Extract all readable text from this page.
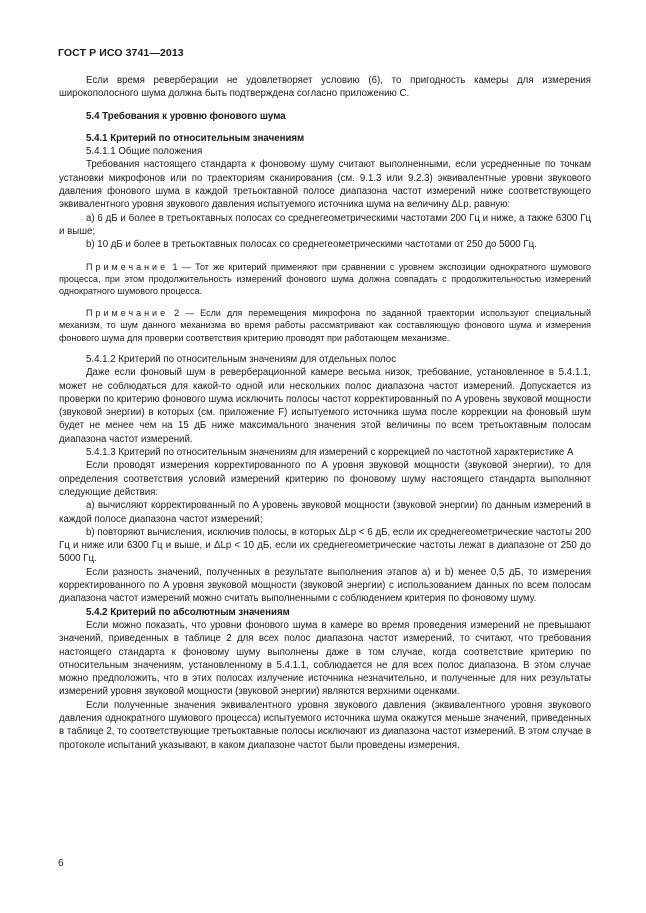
ГОСТ Р ИСО 3741—2013

Если время реверберации не удовлетворяет условию (6), то пригодность камеры для измерения широкополосного шума должна быть подтверждена согласно приложению C.

5.4 Требования к уровню фонового шума

5.4.1 Критерий по относительным значениям

5.4.1.1 Общие положения

Требования настоящего стандарта к фоновому шуму считают выполненными, если усредненные по точкам установки микрофонов или по траекториям сканирования (см. 9.1.3 или 9.2.3) эквивалентные уровни звукового давления фонового шума в каждой третьоктавной полосе диапазона частот измерений ниже соответствующего эквивалентного уровня звукового давления испытуемого источника шума на величину ΔLp, равную:

a) 6 дБ и более в третьоктавных полосах со среднегеометрическими частотами 200 Гц и ниже, а также 6300 Гц и выше;

b) 10 дБ и более в третьоктавных полосах со среднегеометрическими частотами от 250 до 5000 Гц.

Примечание 1 — Тот же критерий применяют при сравнении с уровнем экспозиции однократного шумового процесса, при этом продолжительность измерений фонового шума должна совпадать с продолжительностью измерений однократного шумового процесса.

Примечание 2 — Если для перемещения микрофона по заданной траектории используют специальный механизм, то шум данного механизма во время работы рассматривают как составляющую фонового шума и измерения фонового шума для проверки соответствия критерию проводят при работающем механизме.

5.4.1.2 Критерий по относительным значениям для отдельных полос

Даже если фоновый шум в реверберационной камере весьма низок, требование, установленное в 5.4.1.1, может не соблюдаться для какой-то одной или нескольких полос диапазона частот измерений. Допускается из проверки по критерию фонового шума исключить полосы частот корректированный по A уровень звуковой мощности (звуковой энергии) в которых (см. приложение F) испытуемого источника шума после коррекции на фоновый шум будет не менее чем на 15 дБ ниже максимального значения этой величины по всем третьоктавным полосам диапазона частот измерений.

5.4.1.3 Критерий по относительным значениям для измерений с коррекцией по частотной характеристике A

Если проводят измерения корректированного по A уровня звуковой мощности (звуковой энергии), то для определения соответствия условий измерений критерию по фоновому шуму настоящего стандарта выполняют следующие действия:

a) вычисляют корректированный по A уровень звуковой мощности (звуковой энергии) по данным измерений в каждой полосе диапазона частот измерений;

b) повторяют вычисления, исключив полосы, в которых ΔLp < 6 дБ, если их среднегеометрические частоты 200 Гц и ниже или 6300 Гц и выше, и ΔLp < 10 дБ, если их среднегеометрические частоты лежат в диапазоне от 250 до 5000 Гц.

Если разность значений, полученных в результате выполнения этапов a) и b) менее 0,5 дБ, то измерения корректированного по A уровня звуковой мощности (звуковой энергии) с использованием данных по всем полосам диапазона частот измерений можно считать выполненными с соблюдением критерия по фоновому шуму.

5.4.2 Критерий по абсолютным значениям

Если можно показать, что уровни фонового шума в камере во время проведения измерений не превышают значений, приведенных в таблице 2 для всех полос диапазона частот измерений, то считают, что требования настоящего стандарта к фоновому шуму выполнены даже в том случае, когда соответствие критерию по относительным значениям, установленному в 5.4.1.1, соблюдается не для всех полос диапазона. В этом случае можно предположить, что в этих полосах излучение источника незначительно, и полученные для них результаты измерений уровня звуковой мощности (звуковой энергии) являются верхними оценками.

Если полученные значения эквивалентного уровня звукового давления (эквивалентного уровня звукового давления однократного шумового процесса) испытуемого источника шума окажутся меньше значений, приведенных в таблице 2, то соответствующие третьоктавные полосы исключают из диапазона частот измерений. В этом случае в протоколе испытаний указывают, в каком диапазоне частот были проведены измерения.

6
